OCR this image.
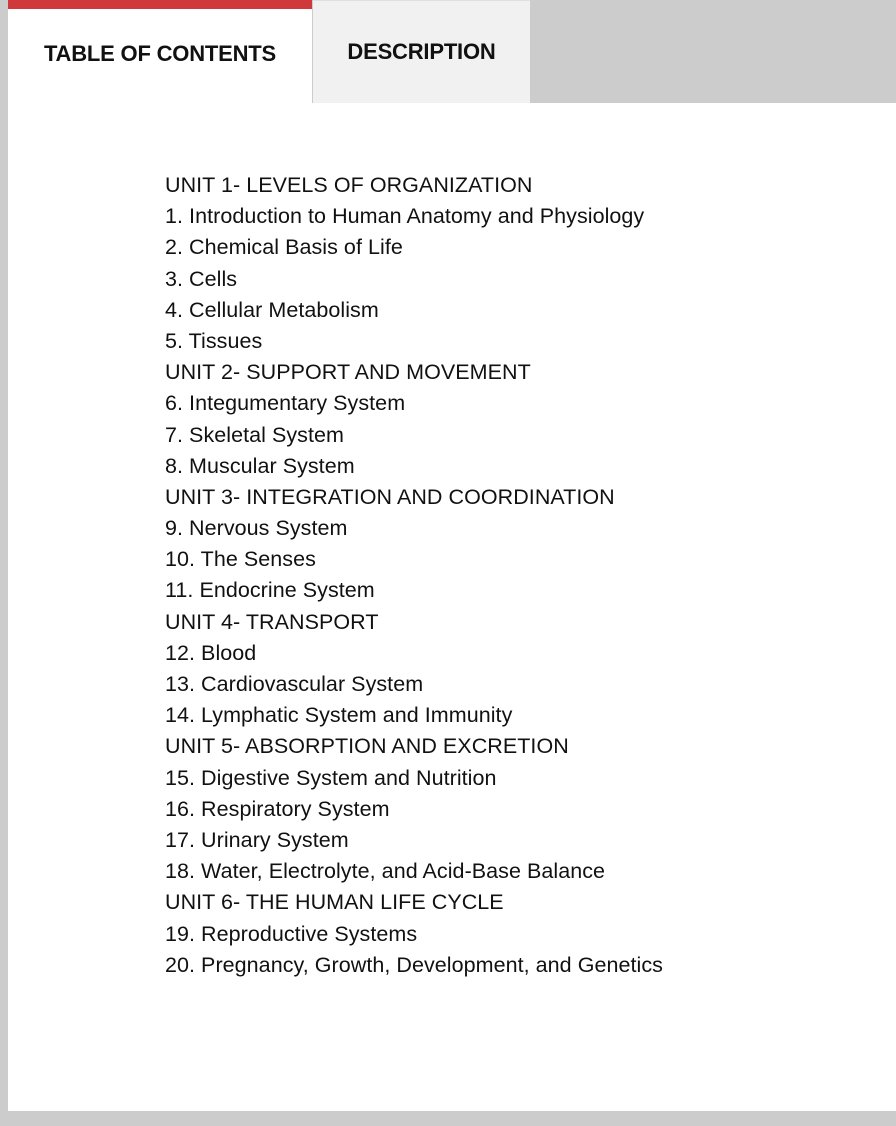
TABLE OF CONTENTS	DESCRIPTION
UNIT 1- LEVELS OF ORGANIZATION
1. Introduction to Human Anatomy and Physiology
2. Chemical Basis of Life
3. Cells
4. Cellular Metabolism
5. Tissues
UNIT 2- SUPPORT AND MOVEMENT
6. Integumentary System
7. Skeletal System
8. Muscular System
UNIT 3- INTEGRATION AND COORDINATION
9. Nervous System
10. The Senses
11. Endocrine System
UNIT 4- TRANSPORT
12. Blood
13. Cardiovascular System
14. Lymphatic System and Immunity
UNIT 5- ABSORPTION AND EXCRETION
15. Digestive System and Nutrition
16. Respiratory System
17. Urinary System
18. Water, Electrolyte, and Acid-Base Balance
UNIT 6- THE HUMAN LIFE CYCLE
19. Reproductive Systems
20. Pregnancy, Growth, Development, and Genetics
